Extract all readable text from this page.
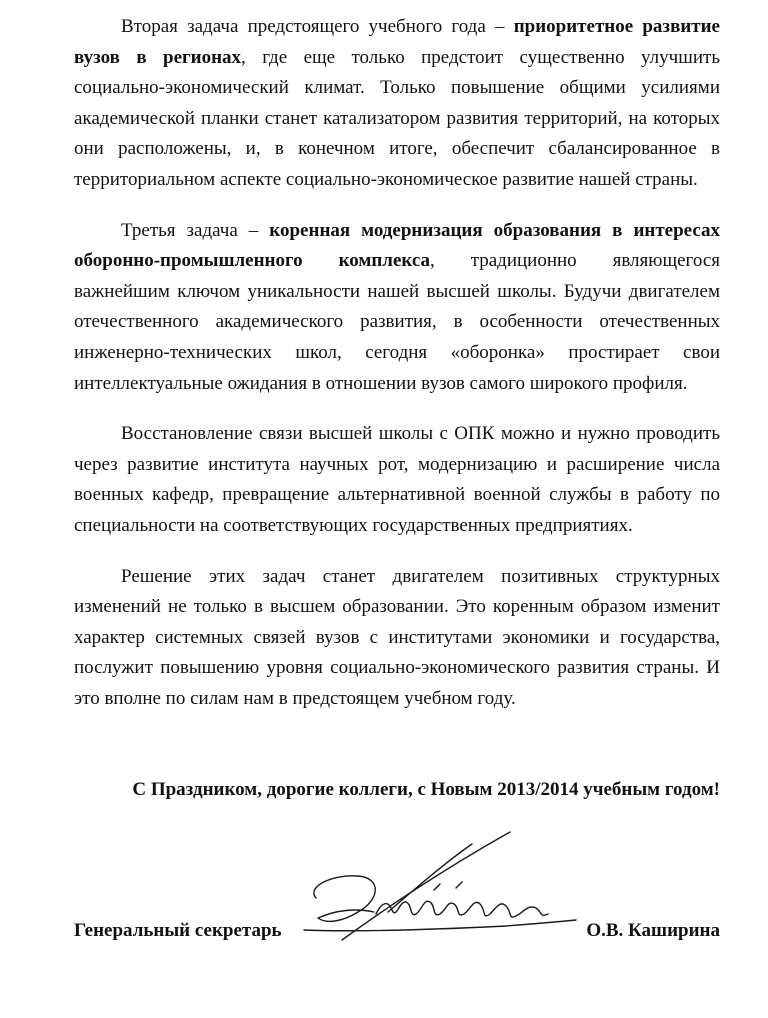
Вторая задача предстоящего учебного года – приоритетное развитие вузов в регионах, где еще только предстоит существенно улучшить социально-экономический климат. Только повышение общими усилиями академической планки станет катализатором развития территорий, на которых они расположены, и, в конечном итоге, обеспечит сбалансированное в территориальном аспекте социально-экономическое развитие нашей страны.

Третья задача – коренная модернизация образования в интересах оборонно-промышленного комплекса, традиционно являющегося важнейшим ключом уникальности нашей высшей школы. Будучи двигателем отечественного академического развития, в особенности отечественных инженерно-технических школ, сегодня «оборонка» простирает свои интеллектуальные ожидания в отношении вузов самого широкого профиля.

Восстановление связи высшей школы с ОПК можно и нужно проводить через развитие института научных рот, модернизацию и расширение числа военных кафедр, превращение альтернативной военной службы в работу по специальности на соответствующих государственных предприятиях.

Решение этих задач станет двигателем позитивных структурных изменений не только в высшем образовании. Это коренным образом изменит характер системных связей вузов с институтами экономики и государства, послужит повышению уровня социально-экономического развития страны. И это вполне по силам нам в предстоящем учебном году.

С Праздником, дорогие коллеги, с Новым 2013/2014 учебным годом!
Генеральный секретарь	О.В. Каширина
